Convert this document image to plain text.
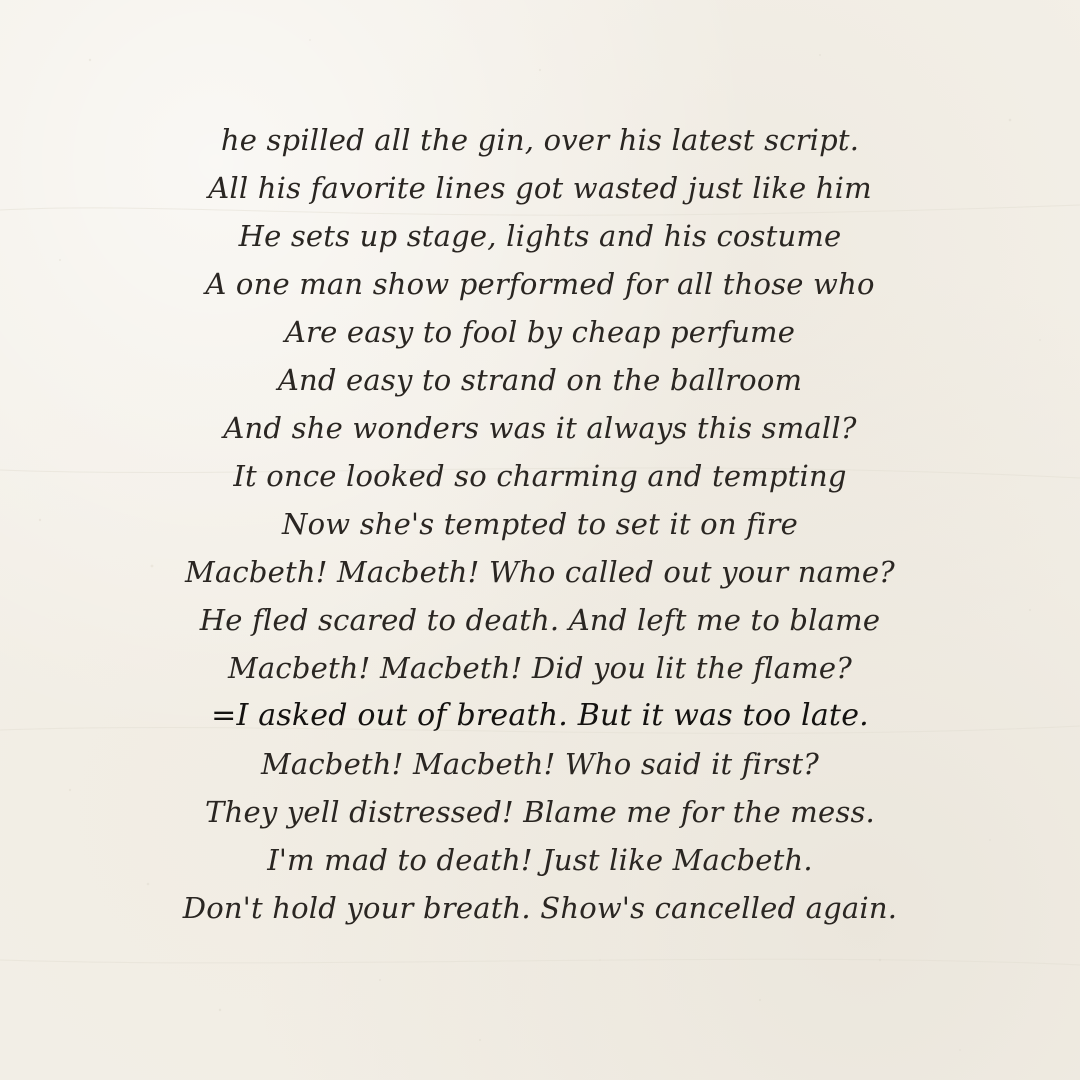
he spilled all the gin, over his latest script.
All his favorite lines got wasted just like him
He sets up stage, lights and his costume
A one man show performed for all those who
Are easy to fool by cheap perfume
And easy to strand on the ballroom
And she wonders was it always this small?
It once looked so charming and tempting
Now she's tempted to set it on fire
Macbeth! Macbeth! Who called out your name?
He fled scared to death. And left me to blame
Macbeth! Macbeth! Did you lit the flame?
=I asked out of breath. But it was too late.
Macbeth! Macbeth! Who said it first?
They yell distressed! Blame me for the mess.
I'm mad to death! Just like Macbeth.
Don't hold your breath. Show's cancelled again.
